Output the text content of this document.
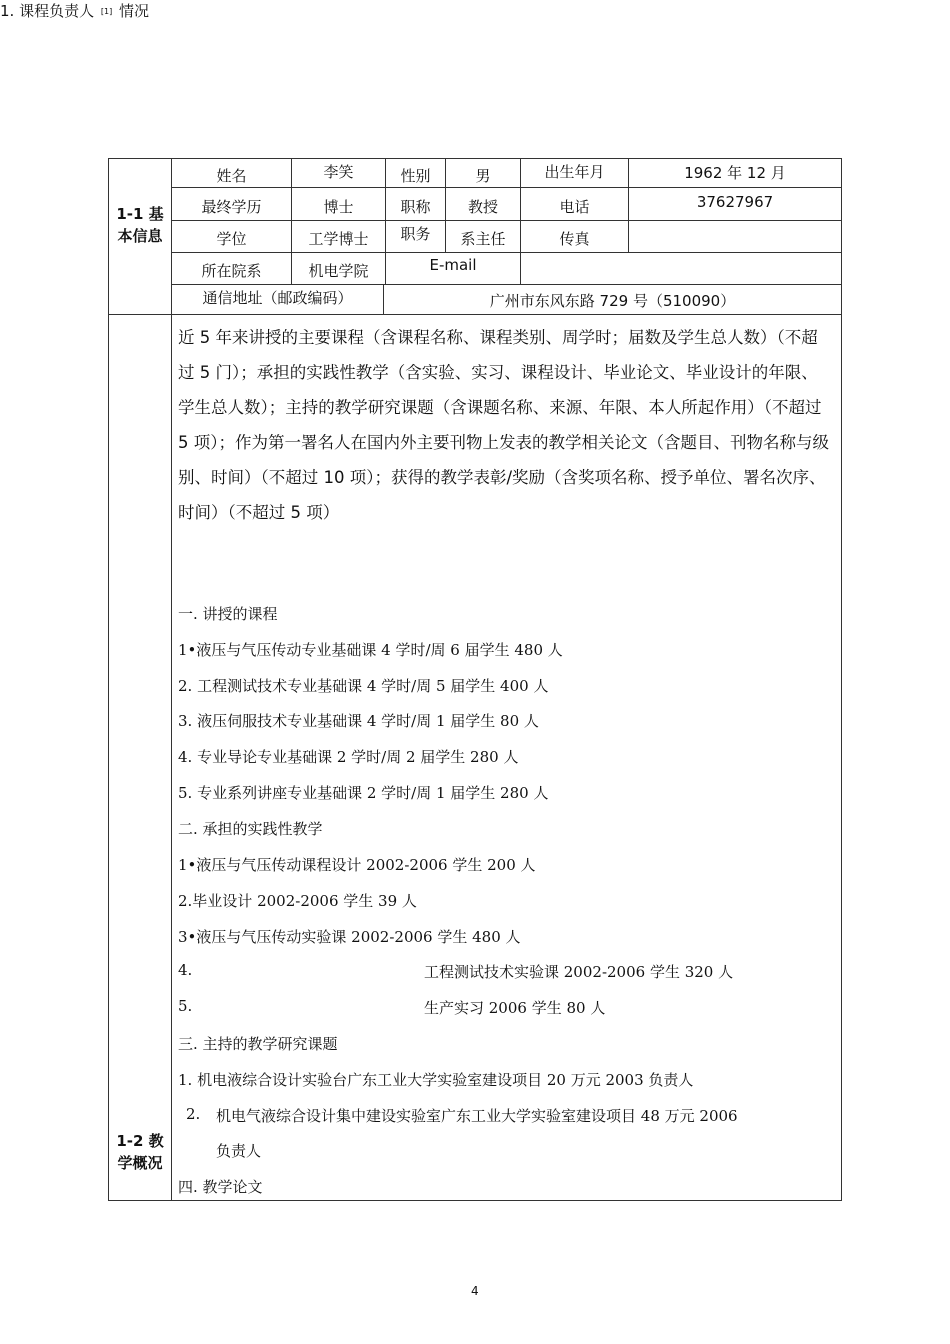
1. 课程负责人 [1] 情况
1-1 基本信息
1-2 教学概况
姓名	李笑	性别	男	出生年月	1962 年 12 月
最终学历	博士	职称	教授	电话	37627967
学位	工学博士	职务	系主任	传真
所在院系	机电学院	E-mail
通信地址（邮政编码）	广州市东风东路 729 号（510090）
近 5 年来讲授的主要课程（含课程名称、课程类别、周学时；届数及学生总人数）（不超过 5 门）；承担的实践性教学（含实验、实习、课程设计、毕业论文、毕业设计的年限、学生总人数）；主持的教学研究课题（含课题名称、来源、年限、本人所起作用）（不超过 5 项）；作为第一署名人在国内外主要刊物上发表的教学相关论文（含题目、刊物名称与级别、时间）（不超过 10 项）；获得的教学表彰/奖励（含奖项名称、授予单位、署名次序、时间）（不超过 5 项）
一. 讲授的课程
1•液压与气压传动专业基础课 4 学时/周 6 届学生 480 人
2. 工程测试技术专业基础课 4 学时/周 5 届学生 400 人
3. 液压伺服技术专业基础课 4 学时/周 1 届学生 80 人
4. 专业导论专业基础课 2 学时/周 2 届学生 280 人
5. 专业系列讲座专业基础课 2 学时/周 1 届学生 280 人
二. 承担的实践性教学
1•液压与气压传动课程设计 2002-2006 学生 200 人
2.毕业设计 2002-2006 学生 39 人
3•液压与气压传动实验课 2002-2006 学生 480 人
4.	工程测试技术实验课 2002-2006 学生 320 人
5.	生产实习 2006 学生 80 人
三. 主持的教学研究课题
1. 机电液综合设计实验台广东工业大学实验室建设项目 20 万元 2003 负责人
2. 机电气液综合设计集中建设实验室广东工业大学实验室建设项目 48 万元 2006
负责人
四. 教学论文
4
